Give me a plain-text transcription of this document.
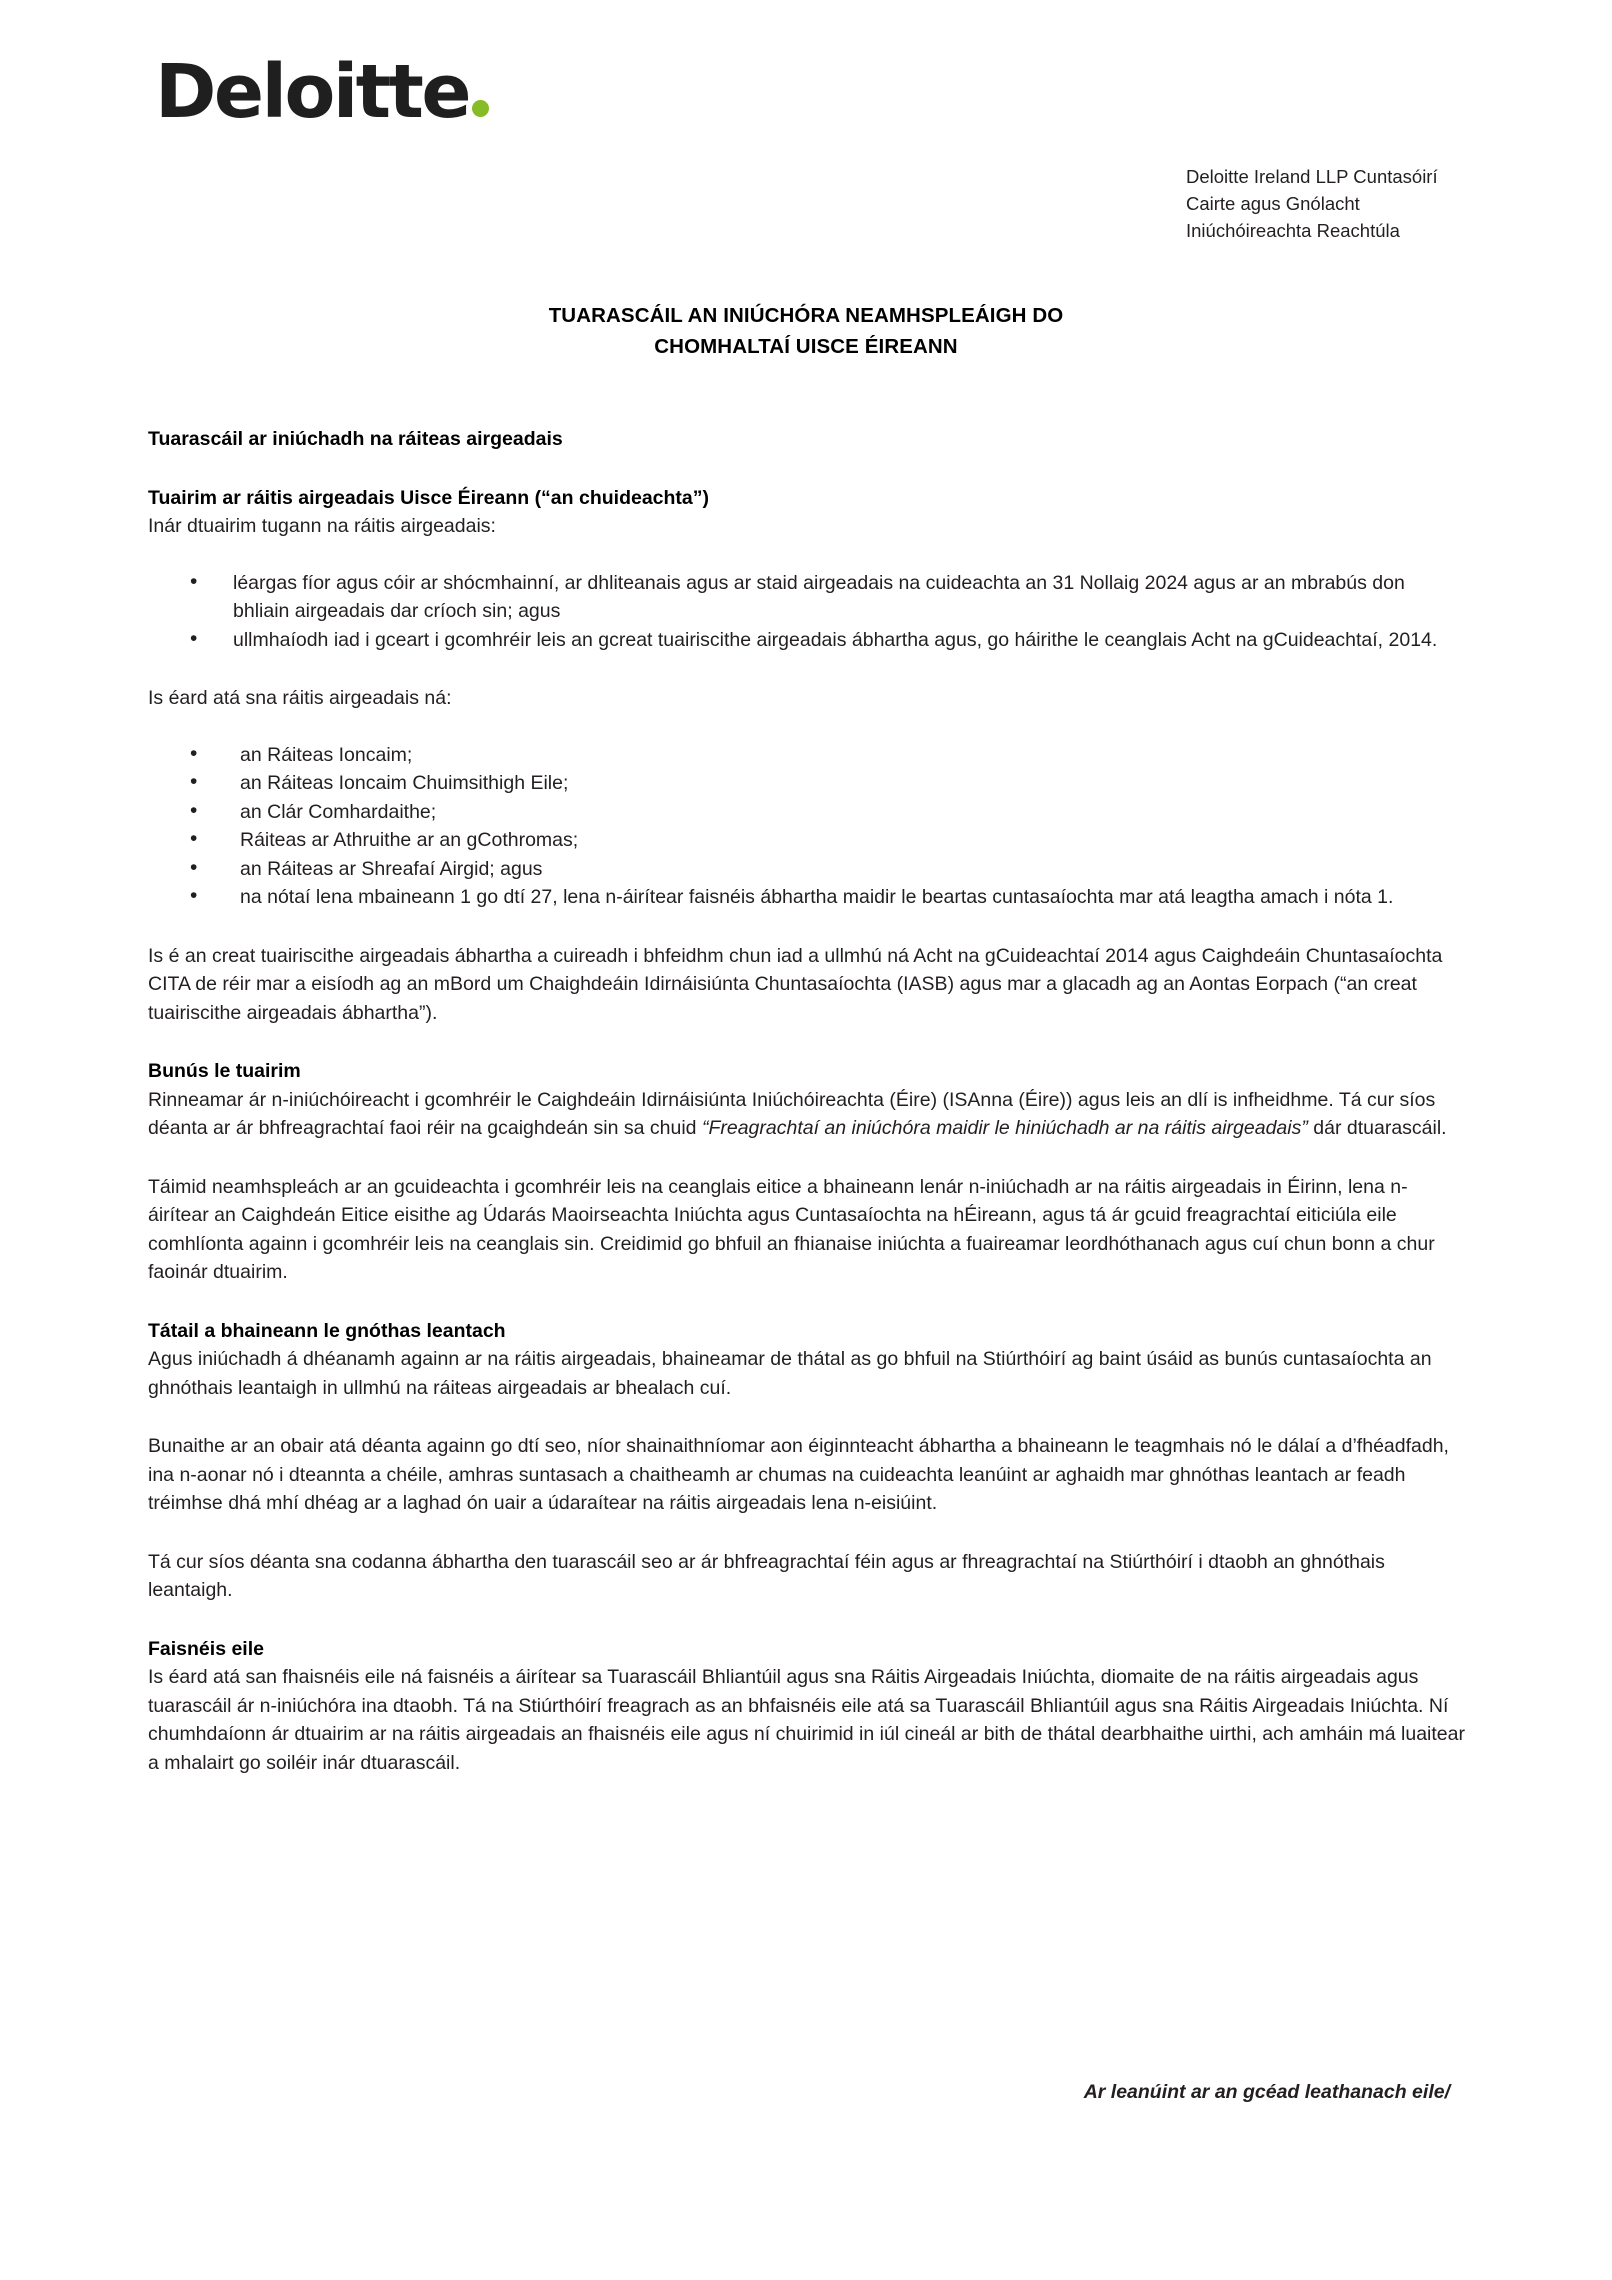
Deloitte
Deloitte Ireland LLP Cuntasóirí
Cairte agus Gnólacht
Iniúchóireachta Reachtúla
TUARASCÁIL AN INIÚCHÓRA NEAMHSPLEÁIGH DO
CHOMHALTAÍ UISCE ÉIREANN
Tuarascáil ar iniúchadh na ráiteas airgeadais
Tuairim ar ráitis airgeadais Uisce Éireann (“an chuideachta”)

Inár dtuairim tugann na ráitis airgeadais:

• léargas fíor agus cóir ar shócmhainní, ar dhliteanais agus ar staid airgeadais na cuideachta an 31 Nollaig 2024 agus ar an mbrabús don bhliain airgeadais dar críoch sin; agus
• ullmhaíodh iad i gceart i gcomhréir leis an gcreat tuairiscithe airgeadais ábhartha agus, go háirithe le ceanglais Acht na gCuideachtaí, 2014.

Is éard atá sna ráitis airgeadais ná:

• an Ráiteas Ioncaim;
• an Ráiteas Ioncaim Chuimsithigh Eile;
• an Clár Comhardaithe;
• Ráiteas ar Athruithe ar an gCothromas;
• an Ráiteas ar Shreafaí Airgid; agus
• na nótaí lena mbaineann 1 go dtí 27, lena n-áirítear faisnéis ábhartha maidir le beartas cuntasaíochta mar atá leagtha amach i nóta 1.

Is é an creat tuairiscithe airgeadais ábhartha a cuireadh i bhfeidhm chun iad a ullmhú ná Acht na gCuideachtaí 2014 agus Caighdeáin Chuntasaíochta CITA de réir mar a eisíodh ag an mBord um Chaighdeáin Idirnáisiúnta Chuntasaíochta (IASB) agus mar a glacadh ag an Aontas Eorpach (“an creat tuairiscithe airgeadais ábhartha”).

Bunús le tuairim

Rinneamar ár n-iniúchóireacht i gcomhréir le Caighdeáin Idirnáisiúnta Iniúchóireachta (Éire) (ISAnna (Éire)) agus leis an dlí is infheidhme. Tá cur síos déanta ar ár bhfreagrachtaí faoi réir na gcaighdeán sin sa chuid “Freagrachtaí an iniúchóra maidir le hiniúchadh ar na ráitis airgeadais” dár dtuarascáil.

Táimid neamhspleách ar an gcuideachta i gcomhréir leis na ceanglais eitice a bhaineann lenár n-iniúchadh ar na ráitis airgeadais in Éirinn, lena n-áirítear an Caighdeán Eitice eisithe ag Údarás Maoirseachta Iniúchta agus Cuntasaíochta na hÉireann, agus tá ár gcuid freagrachtaí eiticiúla eile comhlíonta againn i gcomhréir leis na ceanglais sin. Creidimid go bhfuil an fhianaise iniúchta a fuaireamar leordhóthanach agus cuí chun bonn a chur faoinár dtuairim.

Tátail a bhaineann le gnóthas leantach

Agus iniúchadh á dhéanamh againn ar na ráitis airgeadais, bhaineamar de thátal as go bhfuil na Stiúrthóirí ag baint úsáid as bunús cuntasaíochta an ghnóthais leantaigh in ullmhú na ráiteas airgeadais ar bhealach cuí.

Bunaithe ar an obair atá déanta againn go dtí seo, níor shainaithníomar aon éiginnteacht ábhartha a bhaineann le teagmhais nó le dálaí a d’fhéadfadh, ina n-aonar nó i dteannta a chéile, amhras suntasach a chaitheamh ar chumas na cuideachta leanúint ar aghaidh mar ghnóthas leantach ar feadh tréimhse dhá mhí dhéag ar a laghad ón uair a údaraítear na ráitis airgeadais lena n-eisiúint.

Tá cur síos déanta sna codanna ábhartha den tuarascáil seo ar ár bhfreagrachtaí féin agus ar fhreagrachtaí na Stiúrthóirí i dtaobh an ghnóthais leantaigh.

Faisnéis eile

Is éard atá san fhaisnéis eile ná faisnéis a áirítear sa Tuarascáil Bhliantúil agus sna Ráitis Airgeadais Iniúchta, diomaite de na ráitis airgeadais agus tuarascáil ár n-iniúchóra ina dtaobh. Tá na Stiúrthóirí freagrach as an bhfaisnéis eile atá sa Tuarascáil Bhliantúil agus sna Ráitis Airgeadais Iniúchta. Ní chumhdaíonn ár dtuairim ar na ráitis airgeadais an fhaisnéis eile agus ní chuirimid in iúl cineál ar bith de thátal dearbhaithe uirthi, ach amháin má luaitear a mhalairt go soiléir inár dtuarascáil.

Ar leanúint ar an gcéad leathanach eile/
